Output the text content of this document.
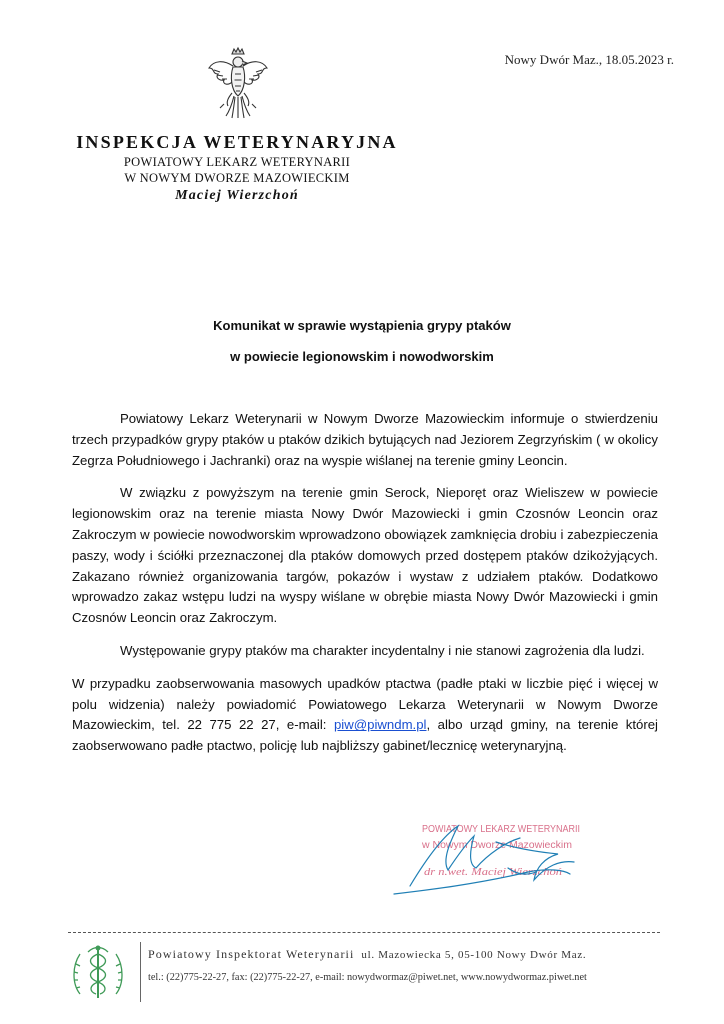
Nowy Dwór Maz., 18.05.2023 r.
INSPEKCJA WETERYNARYJNA
POWIATOWY LEKARZ WETERYNARII
W NOWYM DWORZE MAZOWIECKIM
Maciej Wierzchoń
Komunikat w sprawie wystąpienia grypy ptaków
w powiecie legionowskim i nowodworskim

Powiatowy Lekarz Weterynarii w Nowym Dworze Mazowieckim informuje o stwierdzeniu trzech przypadków grypy ptaków u ptaków dzikich bytujących nad Jeziorem Zegrzyńskim ( w okolicy Zegrza Południowego i Jachranki) oraz na wyspie wiślanej na terenie gminy Leoncin.

W związku z powyższym na terenie gmin Serock, Nieporęt oraz Wieliszew w powiecie legionowskim oraz na terenie miasta Nowy Dwór Mazowiecki i gmin Czosnów Leoncin oraz Zakroczym w powiecie nowodworskim wprowadzono obowiązek zamknięcia drobiu i zabezpieczenia paszy, wody i ściółki przeznaczonej dla ptaków domowych przed dostępem ptaków dzikożyjących. Zakazano również organizowania targów, pokazów i wystaw z udziałem ptaków. Dodatkowo wprowadzo zakaz wstępu ludzi na wyspy wiślane w obrębie miasta Nowy Dwór Mazowiecki i gmin Czosnów Leoncin oraz Zakroczym.

Występowanie grypy ptaków ma charakter incydentalny i nie stanowi zagrożenia dla ludzi.

W przypadku zaobserwowania masowych upadków ptactwa (padłe ptaki w liczbie pięć i więcej w polu widzenia) należy powiadomić Powiatowego Lekarza Weterynarii w Nowym Dworze Mazowieckim, tel. 22 775 22 27, e-mail: piw@piwndm.pl, albo urząd gminy, na terenie której zaobserwowano padłe ptactwo, policję lub najbliższy gabinet/lecznicę weterynaryjną.

POWIATOWY LEKARZ WETERYNARII
w Nowym Dworze Mazowieckim
dr n.wet. Maciej Wierzchoń
Powiatowy Inspektorat Weterynarii ul. Mazowiecka 5, 05-100 Nowy Dwór Maz.
tel.: (22)775-22-27, fax: (22)775-22-27, e-mail: nowydwormaz@piwet.net, www.nowydwormaz.piwet.net
